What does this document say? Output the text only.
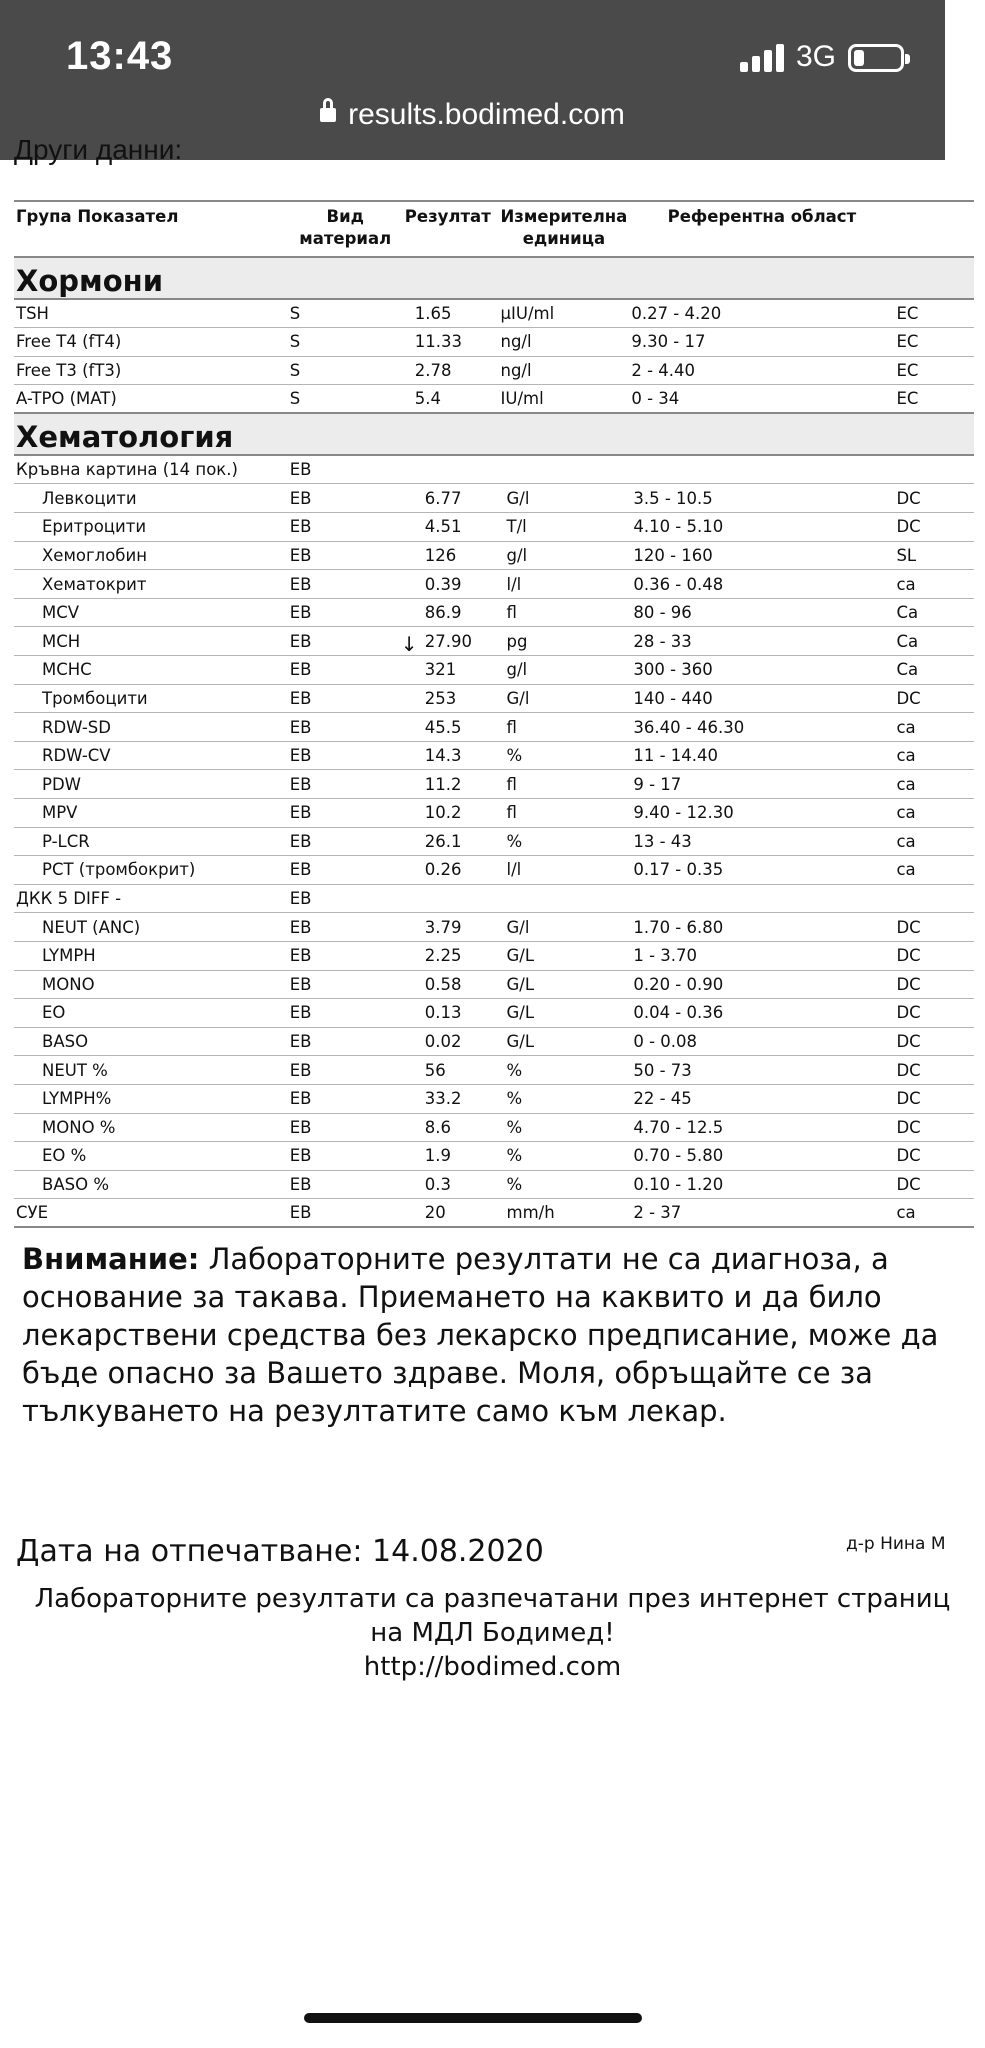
13:43	3G
results.bodimed.com
Други данни:
Група Показател	Вид
материал	Резултат	Измерителна
единица	Референтна област	
Хормони					
TSH	S	1.65	µIU/ml	0.27 - 4.20	EC
Free T4 (fT4)	S	11.33	ng/l	9.30 - 17	EC
Free T3 (fT3)	S	2.78	ng/l	2 - 4.40	EC
A-TPO (MAT)	S	5.4	IU/ml	0 - 34	EC
Хематология					
Кръвна картина (14 пок.)	EB				
Левкоцити	EB	6.77	G/l	3.5 - 10.5	DC
Еритроцити	EB	4.51	T/l	4.10 - 5.10	DC
Хемоглобин	EB	126	g/l	120 - 160	SL
Хематокрит	EB	0.39	l/l	0.36 - 0.48	ca
MCV	EB	86.9	fl	80 - 96	Ca
MCH	EB	↓ 27.90	pg	28 - 33	Ca
MCHC	EB	321	g/l	300 - 360	Ca
Тромбоцити	EB	253	G/l	140 - 440	DC
RDW-SD	EB	45.5	fl	36.40 - 46.30	ca
RDW-CV	EB	14.3	%	11 - 14.40	ca
PDW	EB	11.2	fl	9 - 17	ca
MPV	EB	10.2	fl	9.40 - 12.30	ca
P-LCR	EB	26.1	%	13 - 43	ca
PCT (тромбокрит)	EB	0.26	l/l	0.17 - 0.35	ca
ДКК 5 DIFF -	EB				
NEUT (ANC)	EB	3.79	G/l	1.70 - 6.80	DC
LYMPH	EB	2.25	G/L	1 - 3.70	DC
MONO	EB	0.58	G/L	0.20 - 0.90	DC
EO	EB	0.13	G/L	0.04 - 0.36	DC
BASO	EB	0.02	G/L	0 - 0.08	DC
NEUT %	EB	56	%	50 - 73	DC
LYMPH%	EB	33.2	%	22 - 45	DC
MONO %	EB	8.6	%	4.70 - 12.5	DC
EO %	EB	1.9	%	0.70 - 5.80	DC
BASO %	EB	0.3	%	0.10 - 1.20	DC
СУЕ	EB	20	mm/h	2 - 37	ca
Внимание: Лабораторните резултати не са диагноза, а основание за такава. Приемането на каквито и да било лекарствени средства без лекарско предписание, може да бъде опасно за Вашето здраве. Моля, обръщайте се за тълкуването на резултатите само към лекар.
Дата на отпечатване: 14.08.2020	д-р Нина М
Лабораторните резултати са разпечатани през интернет страниц
на МДЛ Бодимед!
http://bodimed.com
